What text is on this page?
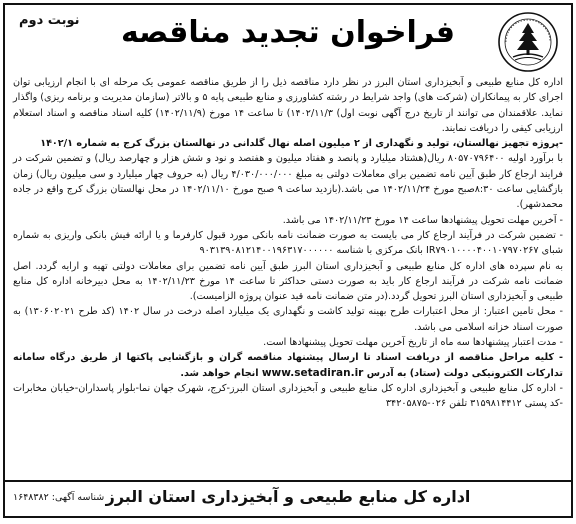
فراخوان تجدید مناقصه
نوبت دوم

اداره کل منابع طبیعی و آبخیزداری استان البرز در نظر دارد مناقصه ذیل را از طریق مناقصه عمومی یک مرحله ای با انجام ارزیابی توان اجرای کار به پیمانکاران (شرکت های) واجد شرایط در رشته کشاورزی و منابع طبیعی پایه ۵ و بالاتر (سازمان مدیریت و برنامه ریزی) واگذار نماید. علاقمندان می توانند از تاریخ درج آگهی نوبت اول) ۱۴۰۲/۱۱/۳) تا ساعت ۱۴ مورخ (۱۴۰۲/۱۱/۹) کلیه اسناد مناقصه و اسناد استعلام ارزیابی کیفی را دریافت نمایند.

-پروژه تجهیز نهالستان، تولید و نگهداری از ۲ میلیون اصله نهال گلدانی در نهالستان بزرگ کرج به شماره ۱۴۰۲/۱

با برآورد اولیه ۸۰۵۷۰۷۹۶۴۰۰ ریال(هشتاد میلیارد و پانصد و هفتاد میلیون و هفتصد و نود و شش هزار و چهارصد ریال) و تضمین شرکت در فرایند ارجاع کار طبق آیین نامه تضمین برای معاملات دولتی به مبلغ ۴/۰۳۰/۰۰۰/۰۰۰ ریال (به حروف چهار میلیارد و سی میلیون ریال) زمان بازگشایی ساعت ۸:۳۰صبح مورخ ۱۴۰۲/۱۱/۲۴ می باشد.(بازدید ساعت ۹ صبح مورخ ۱۴۰۲/۱۱/۱۰ در محل نهالستان بزرگ کرج واقع در جاده محمدشهر).

- آخرین مهلت تحویل پیشنهادها ساعت ۱۴ مورخ ۱۴۰۲/۱۱/۲۳ می باشد.

- تضمین شرکت در فرآیند ارجاع کار می بایست به صورت ضمانت نامه بانکی مورد قبول کارفرما و یا ارائه فیش بانکی واریزی به شماره شبای IR۷۹۰۱۰۰۰۰۴۰۰۱۰۷۹۷۰۲۶۷ بانک مرکزی با شناسه ۹۰۳۱۳۹۰۸۱۲۱۴۰۰۱۹۶۳۱۷۰۰۰۰۰۰

به نام سپرده های اداره کل منابع طبیعی و آبخیزداری استان البرز طبق آیین نامه تضمین برای معاملات دولتی تهیه و ارایه گردد. اصل ضمانت نامه شرکت در فرآیند ارجاع کار باید به صورت دستی حداکثر تا ساعت ۱۴ مورخ ۱۴۰۲/۱۱/۲۳ به محل دبیرخانه اداره کل منابع طبیعی و آبخیزداری استان البرز تحویل گردد.(در متن ضمانت نامه قید عنوان پروژه الزامیست).

- محل تامین اعتبار: از محل اعتبارات طرح بهینه تولید کاشت و نگهداری یک میلیارد اصله درخت در سال ۱۴۰۲ (کد طرح ۱۳۰۶۰۲۰۲۱) به صورت اسناد خزانه اسلامی می باشد.

- مدت اعتبار پیشنهادها سه ماه از تاریخ آخرین مهلت تحویل پیشنهادها است.

- کلیه مراحل مناقصه از دریافت اسناد تا ارسال پیشنهاد مناقصه گران و بازگشایی پاکتها از طریق درگاه سامانه تدارکات الکترونیکی دولت (ستاد) به آدرس www.setadiran.ir انجام خواهد شد.

- اداره کل منابع طبیعی و آبخیزداری اداره کل منابع طبیعی و آبخیزداری استان البرز-کرج، شهرک جهان نما-بلوار پاسداران-خیابان مخابرات -کد پستی ۳۱۵۹۸۱۴۴۱۲ تلفن ۰۲۶-۳۴۲۰۵۸۷۵

اداره کل منابع طبیعی و آبخیزداری استان البرز
شناسه آگهی: ۱۶۴۸۳۸۲
